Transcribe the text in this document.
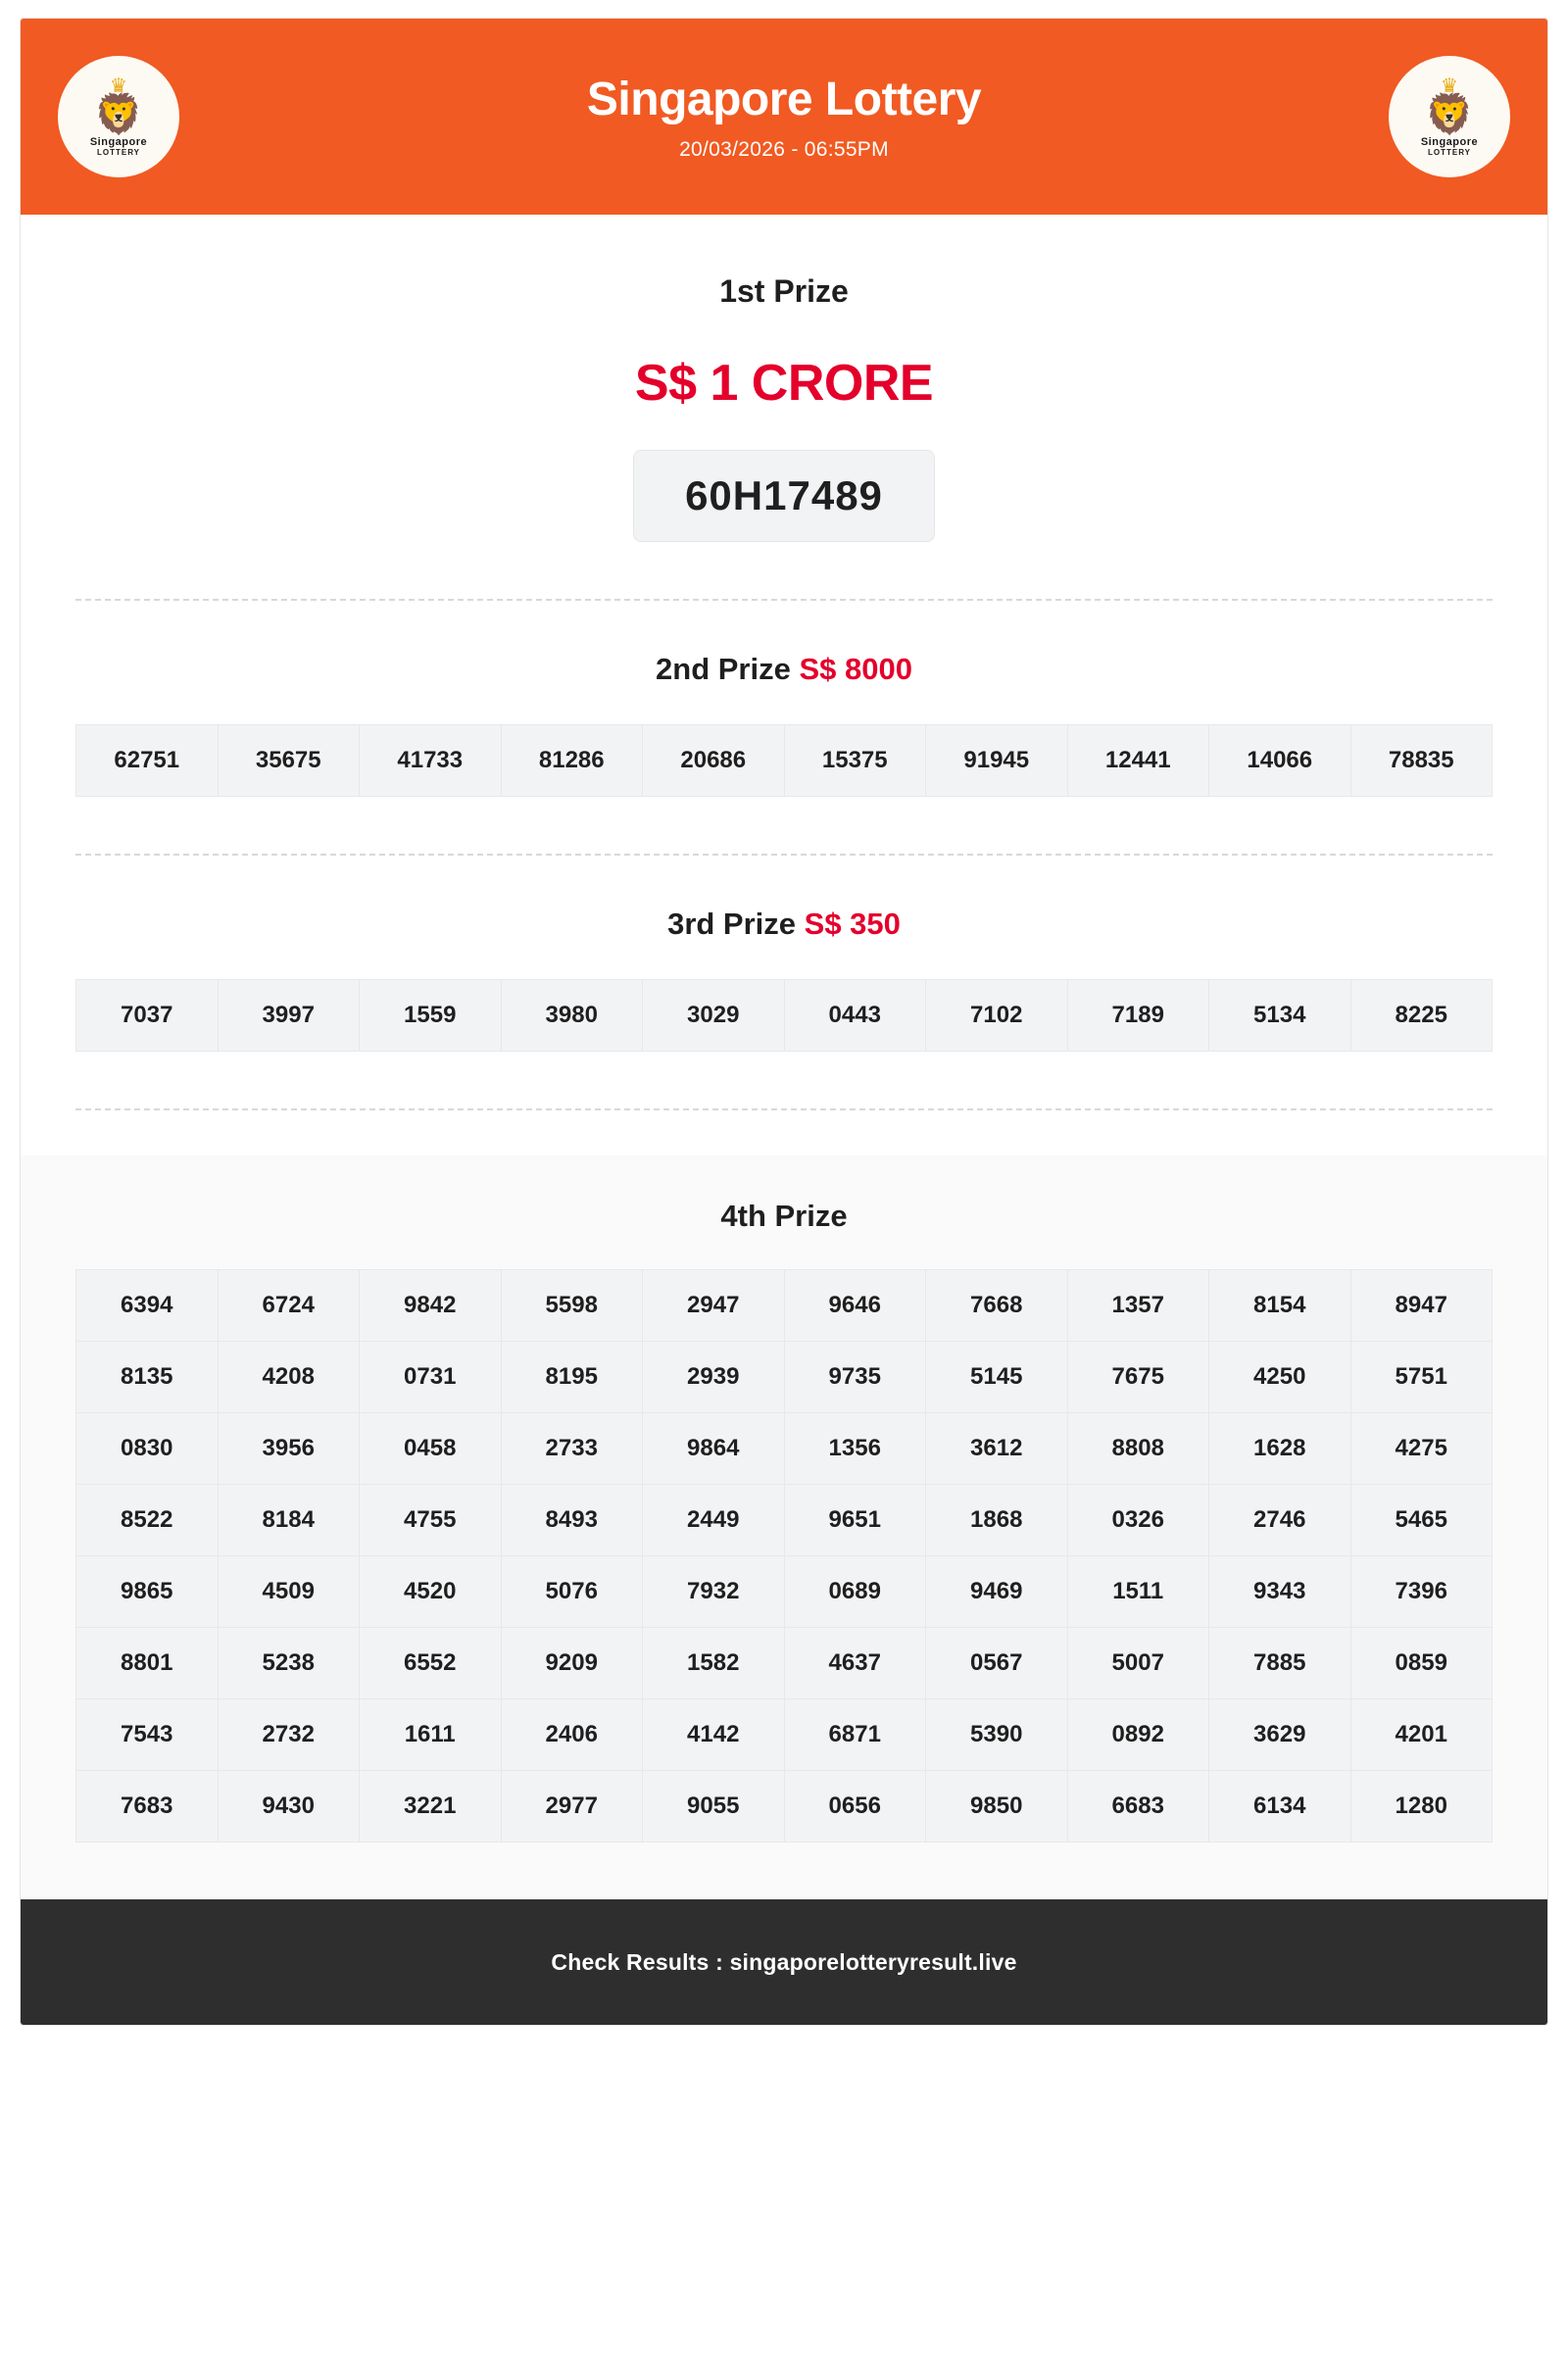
♛
🦁
Singapore
LOTTERY
Singapore Lottery
20/03/2026 - 06:55PM
♛
🦁
Singapore
LOTTERY
1st Prize
S$ 1 CRORE
60H17489
2nd Prize S$ 8000
62751	35675	41733	81286	20686	15375	91945	12441	14066	78835
3rd Prize S$ 350
7037	3997	1559	3980	3029	0443	7102	7189	5134	8225
4th Prize
6394	6724	9842	5598	2947	9646	7668	1357	8154	8947
8135	4208	0731	8195	2939	9735	5145	7675	4250	5751
0830	3956	0458	2733	9864	1356	3612	8808	1628	4275
8522	8184	4755	8493	2449	9651	1868	0326	2746	5465
9865	4509	4520	5076	7932	0689	9469	1511	9343	7396
8801	5238	6552	9209	1582	4637	0567	5007	7885	0859
7543	2732	1611	2406	4142	6871	5390	0892	3629	4201
7683	9430	3221	2977	9055	0656	9850	6683	6134	1280
Check Results : singaporelotteryresult.live
